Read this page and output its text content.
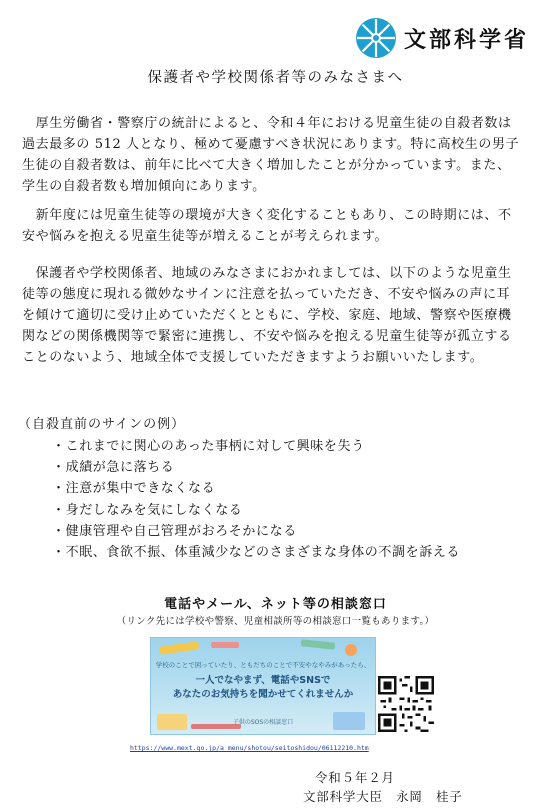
文部科学省
保護者や学校関係者等のみなさまへ

　厚生労働省・警察庁の統計によると、令和４年における児童生徒の自殺者数は過去最多の 512 人となり、極めて憂慮すべき状況にあります。特に高校生の男子生徒の自殺者数は、前年に比べて大きく増加したことが分かっています。また、学生の自殺者数も増加傾向にあります。

　新年度には児童生徒等の環境が大きく変化することもあり、この時期には、不安や悩みを抱える児童生徒等が増えることが考えられます。

　保護者や学校関係者、地域のみなさまにおかれましては、以下のような児童生徒等の態度に現れる微妙なサインに注意を払っていただき、不安や悩みの声に耳を傾けて適切に受け止めていただくとともに、学校、家庭、地域、警察や医療機関などの関係機関等で緊密に連携し、不安や悩みを抱える児童生徒等が孤立することのないよう、地域全体で支援していただきますようお願いいたします。

（自殺直前のサインの例）
・ これまでに関心のあった事柄に対して興味を失う
・ 成績が急に落ちる
・ 注意が集中できなくなる
・ 身だしなみを気にしなくなる
・ 健康管理や自己管理がおろそかになる
・ 不眠、食欲不振、体重減少などのさまざまな身体の不調を訴える
電話やメール、ネット等の相談窓口
（リンク先には学校や警察、児童相談所等の相談窓口一覧もあります。）
学校のことで困っていたり、ともだちのことで不安やなやみがあったら、
一人でなやまず、電話やSNSで
あなたのお気持ちを聞かせてくれませんか
子供のSOSの相談窓口
https://www.mext.go.jp/a_menu/shotou/seitoshidou/06112210.htm
令和５年２月
文部科学大臣　永岡　桂子
